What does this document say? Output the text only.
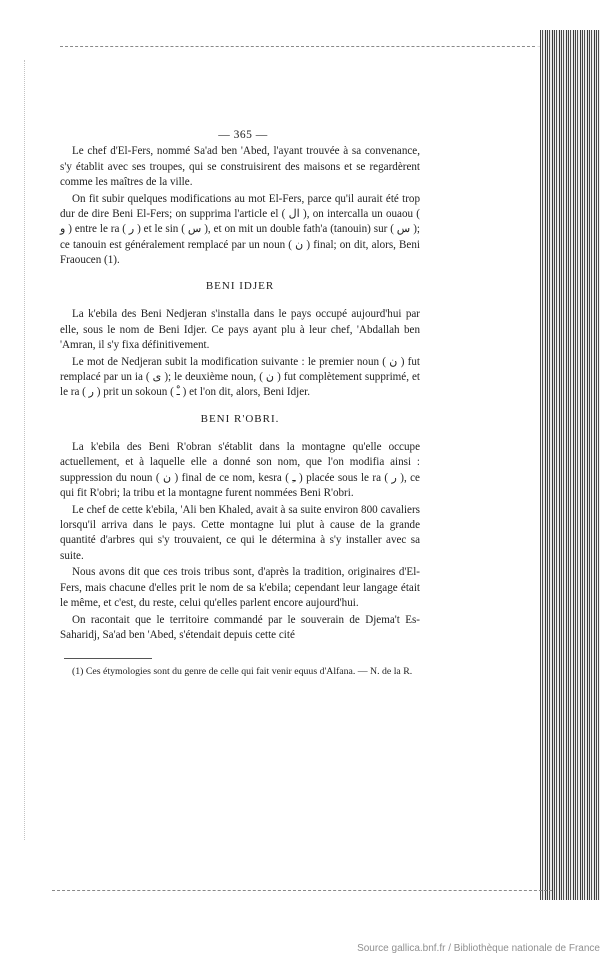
— 365 —

Le chef d'El-Fers, nommé Sa'ad ben 'Abed, l'ayant trouvée à sa convenance, s'y établit avec ses troupes, qui se construisirent des maisons et se regardèrent comme les maîtres de la ville.

On fit subir quelques modifications au mot El-Fers, parce qu'il aurait été trop dur de dire Beni El-Fers; on supprima l'article el ( ال ), on intercalla un ouaou ( و ) entre le ra ( ر ) et le sin ( س ), et on mit un double fath'a (tanouin) sur ( س ); ce tanouin est généralement remplacé par un noun ( ن ) final; on dit, alors, Beni Fraoucen (1).

BENI IDJER

La k'ebila des Beni Nedjeran s'installa dans le pays occupé aujourd'hui par elle, sous le nom de Beni Idjer. Ce pays ayant plu à leur chef, 'Abdallah ben 'Amran, il s'y fixa définitivement.

Le mot de Nedjeran subit la modification suivante : le premier noun ( ن ) fut remplacé par un ia ( ى ); le deuxième noun, ( ن ) fut complètement supprimé, et le ra ( ر ) prit un sokoun ( ـْ ) et l'on dit, alors, Beni Idjer.

BENI R'OBRI.

La k'ebila des Beni R'obran s'établit dans la montagne qu'elle occupe actuellement, et à laquelle elle a donné son nom, que l'on modifia ainsi : suppression du noun ( ن ) final de ce nom, kesra ( ـِ ) placée sous le ra ( ر ), ce qui fit R'obri; la tribu et la montagne furent nommées Beni R'obri.

Le chef de cette k'ebila, 'Ali ben Khaled, avait à sa suite environ 800 cavaliers lorsqu'il arriva dans le pays. Cette montagne lui plut à cause de la grande quantité d'arbres qui s'y trouvaient, ce qui le détermina à s'y installer avec sa suite.

Nous avons dit que ces trois tribus sont, d'après la tradition, originaires d'El-Fers, mais chacune d'elles prit le nom de sa k'ebila; cependant leur langage était le même, et c'est, du reste, celui qu'elles parlent encore aujourd'hui.

On racontait que le territoire commandé par le souverain de Djema't Es-Saharidj, Sa'ad ben 'Abed, s'étendait depuis cette cité

(1) Ces étymologies sont du genre de celle qui fait venir equus d'Alfana. — N. de la R.

Source gallica.bnf.fr / Bibliothèque nationale de France
